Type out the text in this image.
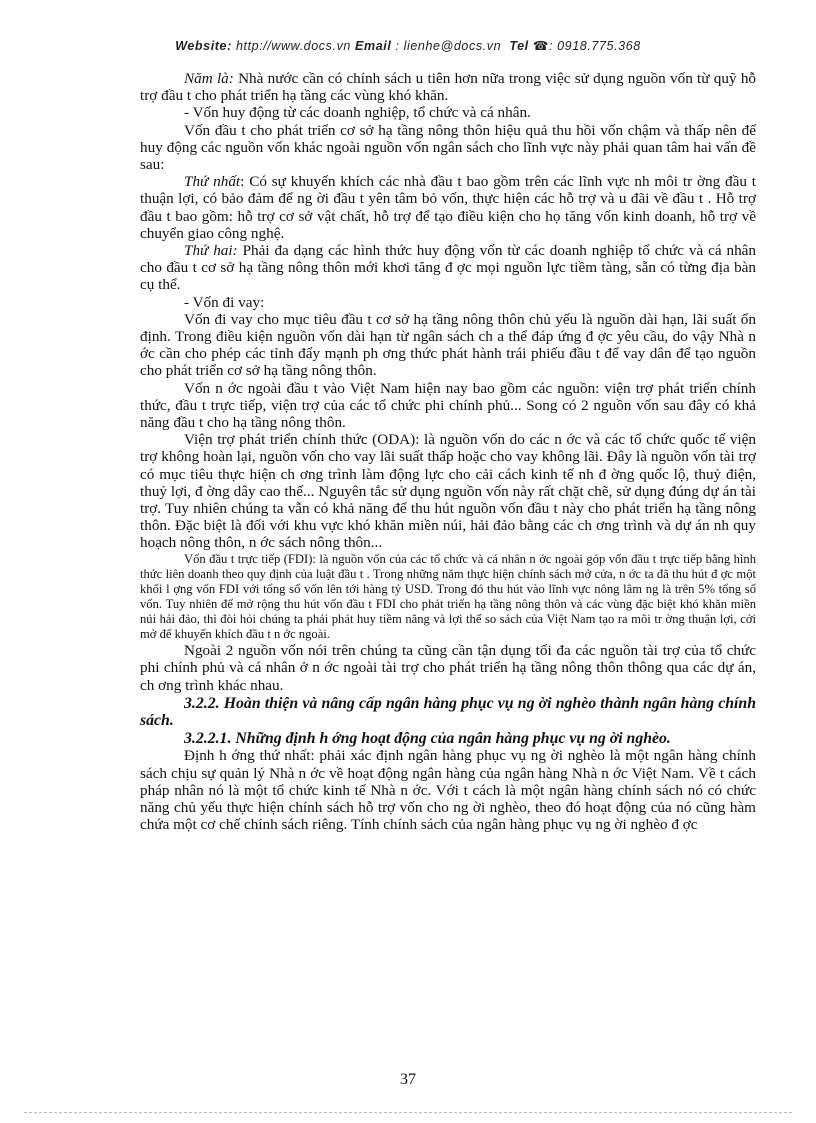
Website: http://www.docs.vn Email : lienhe@docs.vn Tel ☎: 0918.775.368

Năm là: Nhà nước cần có chính sách u tiên hơn nữa trong việc sử dụng nguồn vốn từ quỹ hỗ trợ đầu t cho phát triển hạ tầng các vùng khó khăn.

- Vốn huy động từ các doanh nghiệp, tổ chức và cá nhân.

Vốn đầu t cho phát triển cơ sở hạ tầng nông thôn hiệu quả thu hồi vốn chậm và thấp nên để huy động các nguồn vốn khác ngoài nguồn vốn ngân sách cho lĩnh vực này phải quan tâm hai vấn đề sau:

Thứ nhất: Có sự khuyến khích các nhà đầu t bao gồm trên các lĩnh vực nh môi tr ờng đầu t thuận lợi, có bảo đảm để ng ời đầu t yên tâm bỏ vốn, thực hiện các hỗ trợ và u đãi về đầu t . Hỗ trợ đầu t bao gồm: hỗ trợ cơ sở vật chất, hỗ trợ để tạo điều kiện cho họ tăng vốn kinh doanh, hỗ trợ về chuyển giao công nghệ.

Thứ hai: Phải đa dạng các hình thức huy động vốn từ các doanh nghiệp tổ chức và cá nhân cho đầu t cơ sở hạ tầng nông thôn mới khơi tăng đ ợc mọi nguồn lực tiềm tàng, sẵn có từng địa bàn cụ thể.

- Vốn đi vay:

Vốn đi vay cho mục tiêu đầu t cơ sở hạ tầng nông thôn chủ yếu là nguồn dài hạn, lãi suất ổn định. Trong điều kiện nguồn vốn dài hạn từ ngân sách ch a thể đáp ứng đ ợc yêu cầu, do vậy Nhà n ớc cần cho phép các tỉnh đẩy mạnh ph ơng thức phát hành trái phiếu đầu t để vay dân để tạo nguồn cho phát triển cơ sở hạ tầng nông thôn.

Vốn n ớc ngoài đầu t vào Việt Nam hiện nay bao gồm các nguồn: viện trợ phát triển chính thức, đầu t trực tiếp, viện trợ của các tổ chức phi chính phủ... Song có 2 nguồn vốn sau đây có khả năng đầu t cho hạ tầng nông thôn.

Viện trợ phát triển chính thức (ODA): là nguồn vốn do các n ớc và các tổ chức quốc tế viện trợ không hoàn lại, nguồn vốn cho vay lãi suất thấp hoặc cho vay không lãi. Đây là nguồn vốn tài trợ có mục tiêu thực hiện ch ơng trình làm động lực cho cải cách kinh tế nh đ ờng quốc lộ, thuỷ điện, thuỷ lợi, đ ờng dây cao thế... Nguyên tắc sử dụng nguồn vốn này rất chặt chẽ, sử dụng đúng dự án tài trợ. Tuy nhiên chúng ta vẫn có khả năng để thu hút nguồn vốn đầu t này cho phát triển hạ tầng nông thôn. Đặc biệt là đối với khu vực khó khăn miền núi, hải đảo bằng các ch ơng trình và dự án nh quy hoạch nông thôn, n ớc sách nông thôn...

Vốn đầu t trực tiếp (FDI): là nguồn vốn của các tổ chức và cá nhân n ớc ngoài góp vốn đầu t trực tiếp bằng hình thức liên doanh theo quy định của luật đầu t . Trong những năm thực hiện chính sách mở cửa, n ớc ta đã thu hút đ ợc một khối l ợng vốn FDI với tổng số vốn lên tới hàng tỷ USD. Trong đó thu hút vào lĩnh vực nông lâm ng là trên 5% tổng số vốn. Tuy nhiên để mở rộng thu hút vốn đầu t FDI cho phát triển hạ tầng nông thôn và các vùng đặc biệt khó khăn miền núi hải đảo, thì đòi hỏi chúng ta phải phát huy tiềm năng và lợi thế so sách của Việt Nam tạo ra môi tr ờng thuận lợi, cởi mở để khuyến khích đầu t n ớc ngoài.

Ngoài 2 nguồn vốn nói trên chúng ta cũng cần tận dụng tối đa các nguồn tài trợ của tổ chức phi chính phủ và cá nhân ở n ớc ngoài tài trợ cho phát triển hạ tầng nông thôn thông qua các dự án, ch ơng trình khác nhau.

3.2.2. Hoàn thiện và nâng cấp ngân hàng phục vụ ng ời nghèo thành ngân hàng chính sách.

3.2.2.1. Những định h ớng hoạt động của ngân hàng phục vụ ng ời nghèo.

Định h ớng thứ nhất: phải xác định ngân hàng phục vụ ng ời nghèo là một ngân hàng chính sách chịu sự quản lý Nhà n ớc về hoạt động ngân hàng của ngân hàng Nhà n ớc Việt Nam. Về t cách pháp nhân nó là một tổ chức kinh tế Nhà n ớc. Với t cách là một ngân hàng chính sách nó có chức năng chủ yếu thực hiện chính sách hỗ trợ vốn cho ng ời nghèo, theo đó hoạt động của nó cũng hàm chứa một cơ chế chính sách riêng. Tính chính sách của ngân hàng phục vụ ng ời nghèo đ ợc

37
